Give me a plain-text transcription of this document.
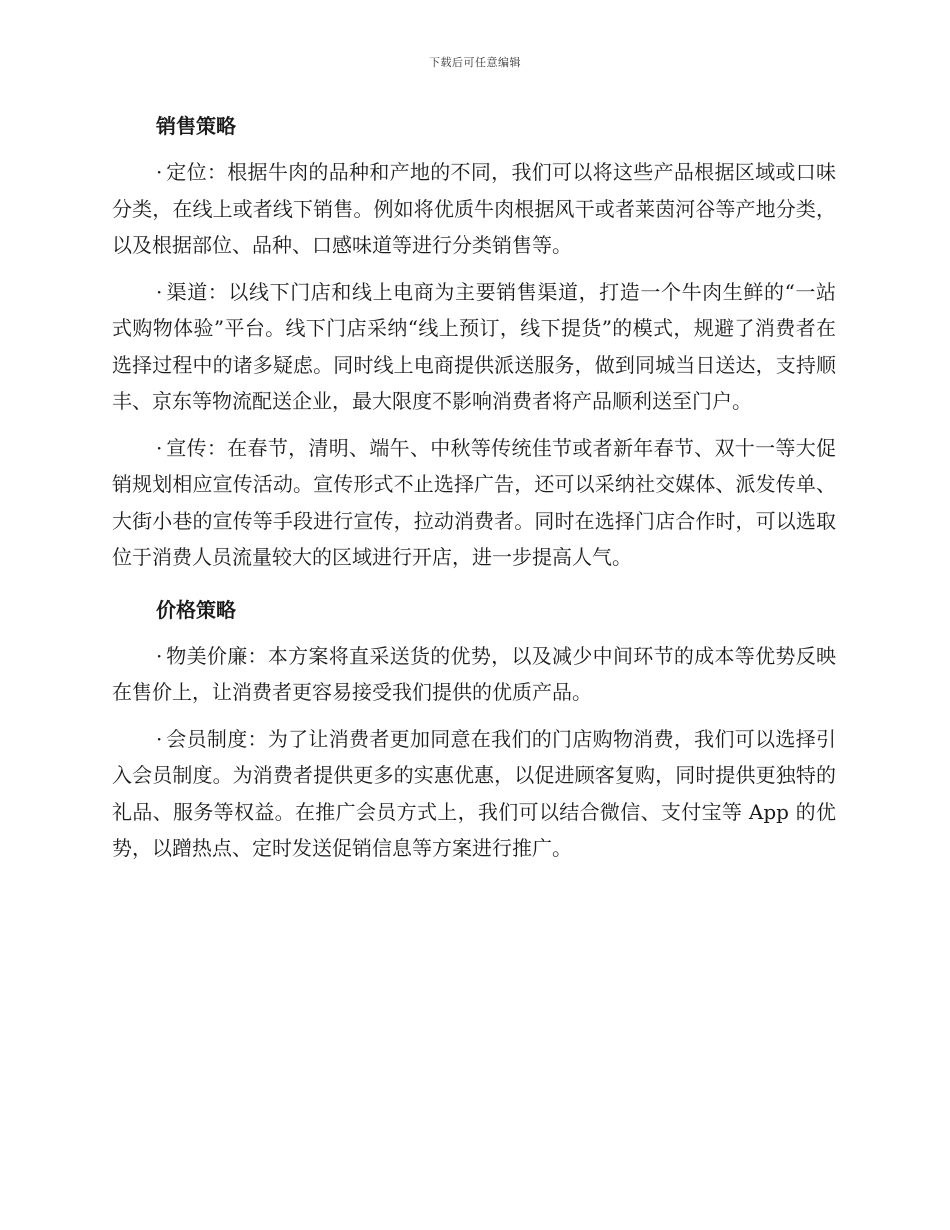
下载后可任意编辑
销售策略

· 定位：根据牛肉的品种和产地的不同，我们可以将这些产品根据区域或口味分类，在线上或者线下销售。例如将优质牛肉根据风干或者莱茵河谷等产地分类，以及根据部位、品种、口感味道等进行分类销售等。

· 渠道：以线下门店和线上电商为主要销售渠道，打造一个牛肉生鲜的“一站式购物体验”平台。线下门店采纳“线上预订，线下提货”的模式，规避了消费者在选择过程中的诸多疑虑。同时线上电商提供派送服务，做到同城当日送达，支持顺丰、京东等物流配送企业，最大限度不影响消费者将产品顺利送至门户。

· 宣传：在春节，清明、端午、中秋等传统佳节或者新年春节、双十一等大促销规划相应宣传活动。宣传形式不止选择广告，还可以采纳社交媒体、派发传单、大街小巷的宣传等手段进行宣传，拉动消费者。同时在选择门店合作时，可以选取位于消费人员流量较大的区域进行开店，进一步提高人气。

价格策略

· 物美价廉：本方案将直采送货的优势，以及减少中间环节的成本等优势反映在售价上，让消费者更容易接受我们提供的优质产品。

· 会员制度：为了让消费者更加同意在我们的门店购物消费，我们可以选择引入会员制度。为消费者提供更多的实惠优惠，以促进顾客复购，同时提供更独特的礼品、服务等权益。在推广会员方式上，我们可以结合微信、支付宝等 App 的优势，以蹭热点、定时发送促销信息等方案进行推广。
